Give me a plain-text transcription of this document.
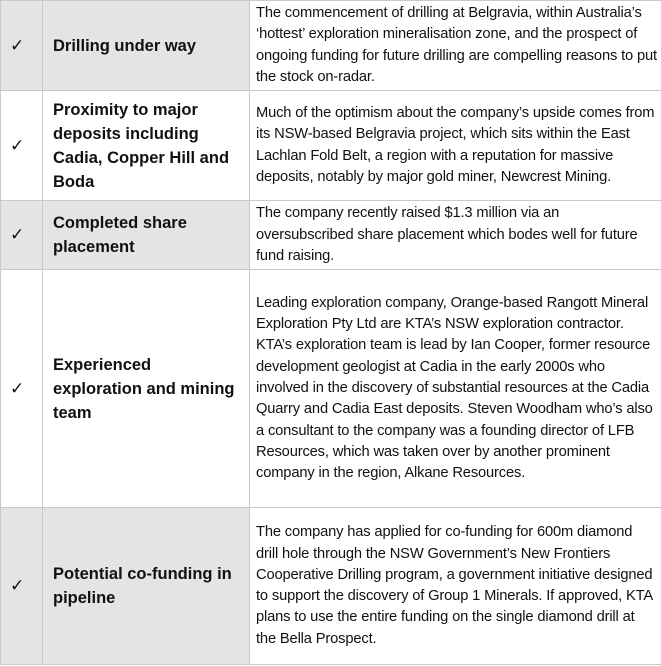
✓	Drilling under way	The commencement of drilling at Belgravia, within Australia’s ‘hottest’ exploration mineralisation zone, and the prospect of ongoing funding for future drilling are compelling reasons to put the stock on-radar.
✓	Proximity to major deposits including Cadia, Copper Hill and Boda	Much of the optimism about the company’s upside comes from its NSW-based Belgravia project, which sits within the East Lachlan Fold Belt, a region with a reputation for massive deposits, notably by major gold miner, Newcrest Mining.
✓	Completed share placement	The company recently raised $1.3 million via an oversubscribed share placement which bodes well for future fund raising.
✓	Experienced exploration and mining team	Leading exploration company, Orange-based Rangott Mineral Exploration Pty Ltd are KTA’s NSW exploration contractor. KTA’s exploration team is lead by Ian Cooper, former resource development geologist at Cadia in the early 2000s who involved in the discovery of substantial resources at the Cadia Quarry and Cadia East deposits. Steven Woodham who’s also a consultant to the company was a founding director of LFB Resources, which was taken over by another prominent company in the region, Alkane Resources.
✓	Potential co-funding in pipeline	The company has applied for co-funding for 600m diamond drill hole through the NSW Government’s New Frontiers Cooperative Drilling program, a government initiative designed to support the discovery of Group 1 Minerals. If approved, KTA plans to use the entire funding on the single diamond drill at the Bella Prospect.
